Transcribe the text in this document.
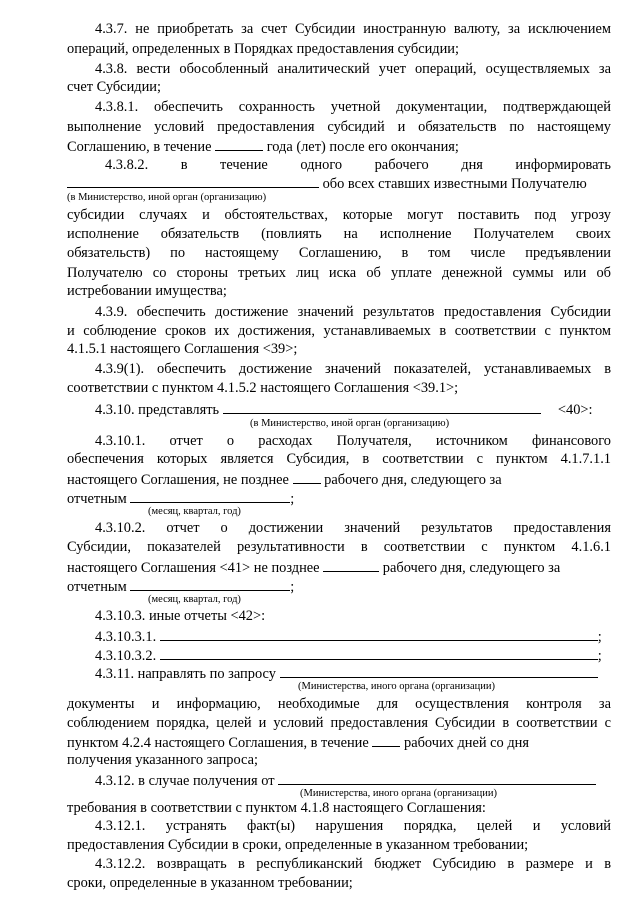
4.3.7. не приобретать за счет Субсидии иностранную валюту, за исключением
операций, определенных в Порядках предоставления субсидии;
4.3.8. вести обособленный аналитический учет операций, осуществляемых за
счет Субсидии;
4.3.8.1. обеспечить сохранность учетной документации, подтверждающей
выполнение условий предоставления субсидий и обязательств по настоящему
Соглашению, в течение	года (лет) после его окончания;
4.3.8.2. в течение одного рабочего дня информировать
обо всех ставших известными Получателю
(в Министерство, иной орган (организацию)
субсидии случаях и обстоятельствах, которые могут поставить под угрозу
исполнение обязательств (повлиять на исполнение Получателем своих
обязательств) по настоящему Соглашению, в том числе предъявлении
Получателю со стороны третьих лиц иска об уплате денежной суммы или об
истребовании имущества;
4.3.9. обеспечить достижение значений результатов предоставления Субсидии
и соблюдение сроков их достижения, устанавливаемых в соответствии с пунктом
4.1.5.1 настоящего Соглашения <39>;
4.3.9(1). обеспечить достижение значений показателей, устанавливаемых в
соответствии с пунктом 4.1.5.2 настоящего Соглашения <39.1>;
4.3.10. представлять	<40>:
(в Министерство, иной орган (организацию)
4.3.10.1. отчет о расходах Получателя, источником финансового
обеспечения которых является Субсидия, в соответствии с пунктом 4.1.7.1.1
настоящего Соглашения, не позднее рабочего дня, следующего за
отчетным	;
(месяц, квартал, год)
4.3.10.2. отчет о достижении значений результатов предоставления
Субсидии, показателей результативности в соответствии с пунктом 4.1.6.1
настоящего Соглашения <41> не позднее	рабочего дня, следующего за
отчетным	;
(месяц, квартал, год)
4.3.10.3. иные отчеты <42>:
4.3.10.3.1.	;
4.3.10.3.2.	;
4.3.11. направлять по запросу
(Министерства, иного органа (организации)
документы и информацию, необходимые для осуществления контроля за
соблюдением порядка, целей и условий предоставления Субсидии в соответствии с
пунктом 4.2.4 настоящего Соглашения, в течение рабочих дней со дня
получения указанного запроса;
4.3.12. в случае получения от
(Министерства, иного органа (организации)
требования в соответствии с пунктом 4.1.8 настоящего Соглашения:
4.3.12.1. устранять факт(ы) нарушения порядка, целей и условий
предоставления Субсидии в сроки, определенные в указанном требовании;
4.3.12.2. возвращать в республиканский бюджет Субсидию в размере и в
сроки, определенные в указанном требовании;
